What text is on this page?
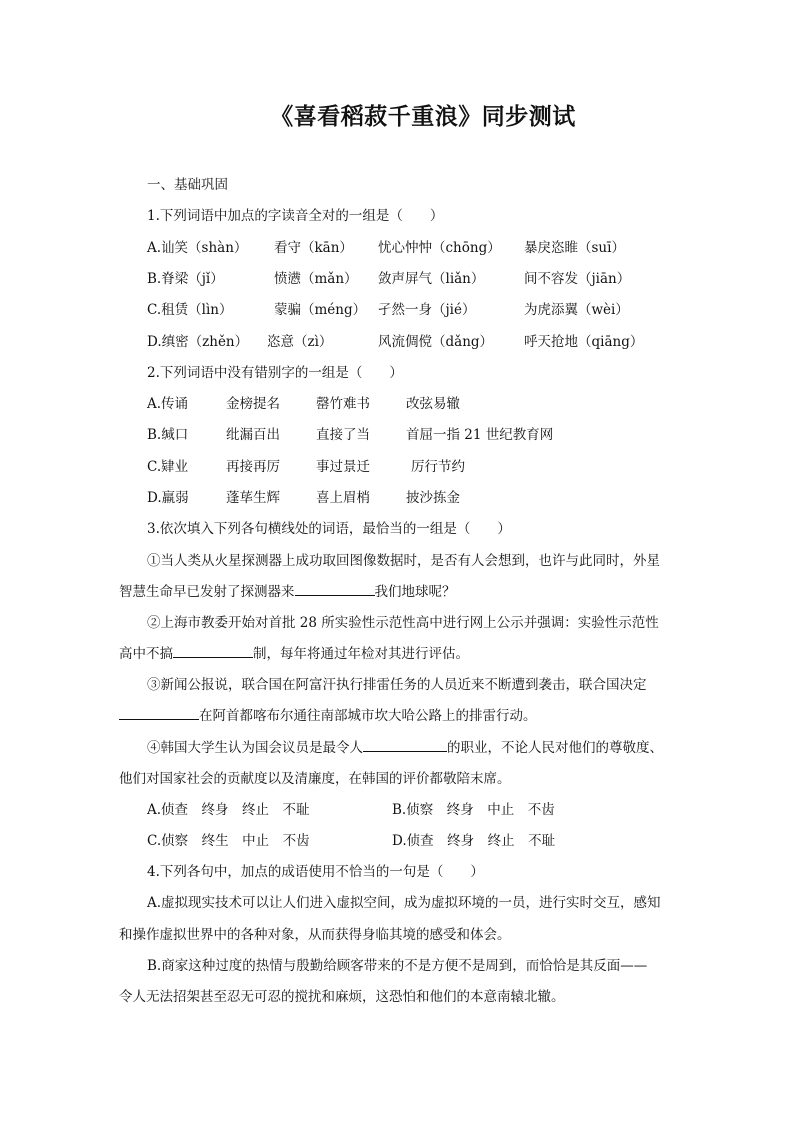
《喜看稻菽千重浪》同步测试
一、基础巩固
1.下列词语中加点的字读音全对的一组是（　　）
A.讪笑（shàn） 看守（kān） 忧心忡忡（chōng） 暴戾恣睢（suī）
B.脊梁（jǐ）	愤懑（mǎn） 敛声屏气（liǎn）	间不容发（jiān）
C.租赁（lìn）	蒙骗（méng） 孑然一身（jié）	为虎添翼（wèi）
D.缜密（zhěn） 恣意（zì）	风流倜傥（dǎng） 呼天抢地（qiāng）
2.下列词语中没有错别字的一组是（　　）
A.传诵	金榜提名	罄竹难书	改弦易辙
B.缄口	纰漏百出	直接了当	首屈一指 21 世纪教育网
C.肄业	再接再厉	事过景迁	厉行节约
D.羸弱	蓬荜生辉	喜上眉梢	披沙拣金
3.依次填入下列各句横线处的词语，最恰当的一组是（　　）
①当人类从火星探测器上成功取回图像数据时，是否有人会想到，也许与此同时，外星
智慧生命早已发射了探测器来	我们地球呢？
②上海市教委开始对首批 28 所实验性示范性高中进行网上公示并强调：实验性示范性
高中不搞	制，每年将通过年检对其进行评估。
③新闻公报说，联合国在阿富汗执行排雷任务的人员近来不断遭到袭击，联合国决定
在阿首都喀布尔通往南部城市坎大哈公路上的排雷行动。
④韩国大学生认为国会议员是最令人	的职业，不论人民对他们的尊敬度、
他们对国家社会的贡献度以及清廉度，在韩国的评价都敬陪末席。
A.侦查　终身　终止　不耻	B.侦察　终身　中止　不齿
C.侦察　终生　中止　不齿	D.侦查　终身　终止　不耻
4.下列各句中，加点的成语使用不恰当的一句是（　　）
A.虚拟现实技术可以让人们进入虚拟空间，成为虚拟环境的一员，进行实时交互，感知
和操作虚拟世界中的各种对象，从而获得身临其境的感受和体会。
B.商家这种过度的热情与殷勤给顾客带来的不是方便不是周到，而恰恰是其反面——
令人无法招架甚至忍无可忍的搅扰和麻烦，这恐怕和他们的本意南辕北辙。
